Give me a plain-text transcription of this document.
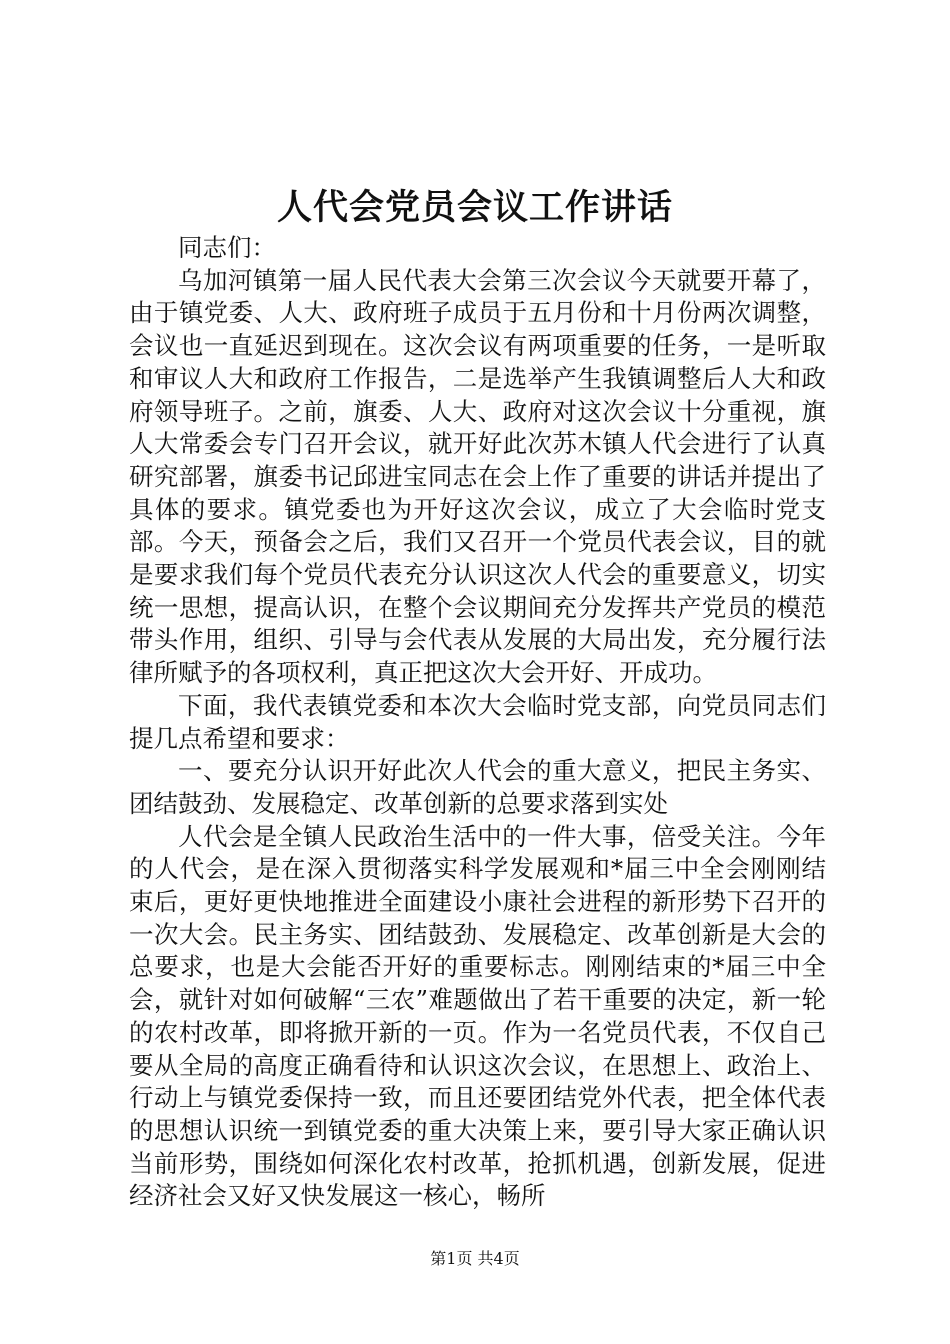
人代会党员会议工作讲话

同志们：

乌加河镇第一届人民代表大会第三次会议今天就要开幕了，由于镇党委、人大、政府班子成员于五月份和十月份两次调整，会议也一直延迟到现在。这次会议有两项重要的任务，一是听取和审议人大和政府工作报告，二是选举产生我镇调整后人大和政府领导班子。之前，旗委、人大、政府对这次会议十分重视，旗人大常委会专门召开会议，就开好此次苏木镇人代会进行了认真研究部署，旗委书记邱进宝同志在会上作了重要的讲话并提出了具体的要求。镇党委也为开好这次会议，成立了大会临时党支部。今天，预备会之后，我们又召开一个党员代表会议，目的就是要求我们每个党员代表充分认识这次人代会的重要意义，切实统一思想，提高认识，在整个会议期间充分发挥共产党员的模范带头作用，组织、引导与会代表从发展的大局出发，充分履行法律所赋予的各项权利，真正把这次大会开好、开成功。

下面，我代表镇党委和本次大会临时党支部，向党员同志们提几点希望和要求：

一、要充分认识开好此次人代会的重大意义，把民主务实、团结鼓劲、发展稳定、改革创新的总要求落到实处

人代会是全镇人民政治生活中的一件大事，倍受关注。今年的人代会，是在深入贯彻落实科学发展观和*届三中全会刚刚结束后，更好更快地推进全面建设小康社会进程的新形势下召开的一次大会。民主务实、团结鼓劲、发展稳定、改革创新是大会的总要求，也是大会能否开好的重要标志。刚刚结束的*届三中全会，就针对如何破解“三农”难题做出了若干重要的决定，新一轮的农村改革，即将掀开新的一页。作为一名党员代表，不仅自己要从全局的高度正确看待和认识这次会议，在思想上、政治上、行动上与镇党委保持一致，而且还要团结党外代表，把全体代表的思想认识统一到镇党委的重大决策上来，要引导大家正确认识当前形势，围绕如何深化农村改革，抢抓机遇，创新发展，促进经济社会又好又快发展这一核心，畅所

第1页 共4页
